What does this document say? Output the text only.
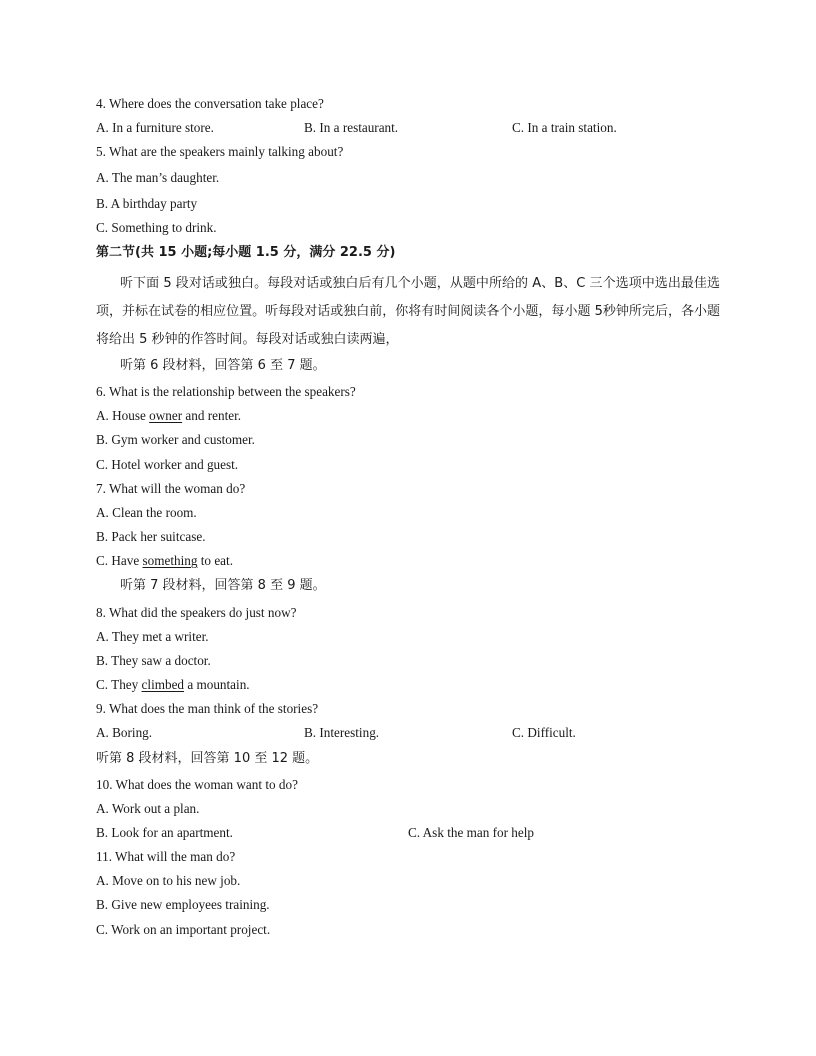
4. Where does the conversation take place?
A. In a furniture store.	B. In a restaurant.	C. In a train station.
5. What are the speakers mainly talking about?
A. The man’s daughter.
B. A birthday party
C. Something to drink.
第二节(共 15 小题;每小题 1.5 分，满分 22.5 分)
听下面 5 段对话或独白。每段对话或独白后有几个小题，从题中所给的 A、B、C 三个选项中选出最佳选项，并标在试卷的相应位置。听每段对话或独白前，你将有时间阅读各个小题，每小题 5秒钟所完后，各小题将给出 5 秒钟的作答时间。每段对话或独白读两遍，
听第 6 段材料，回答第 6 至 7 题。
6. What is the relationship between the speakers?
A. House owner and renter.
B. Gym worker and customer.
C. Hotel worker and guest.
7. What will the woman do?
A. Clean the room.
B. Pack her suitcase.
C. Have something to eat.
听第 7 段材料，回答第 8 至 9 题。
8. What did the speakers do just now?
A. They met a writer.
B. They saw a doctor.
C. They climbed a mountain.
9. What does the man think of the stories?
A. Boring.	B. Interesting.	C. Difficult.
听第 8 段材料，回答第 10 至 12 题。
10. What does the woman want to do?
A. Work out a plan.
B. Look for an apartment.	C. Ask the man for help
11. What will the man do?
A. Move on to his new job.
B. Give new employees training.
C. Work on an important project.
